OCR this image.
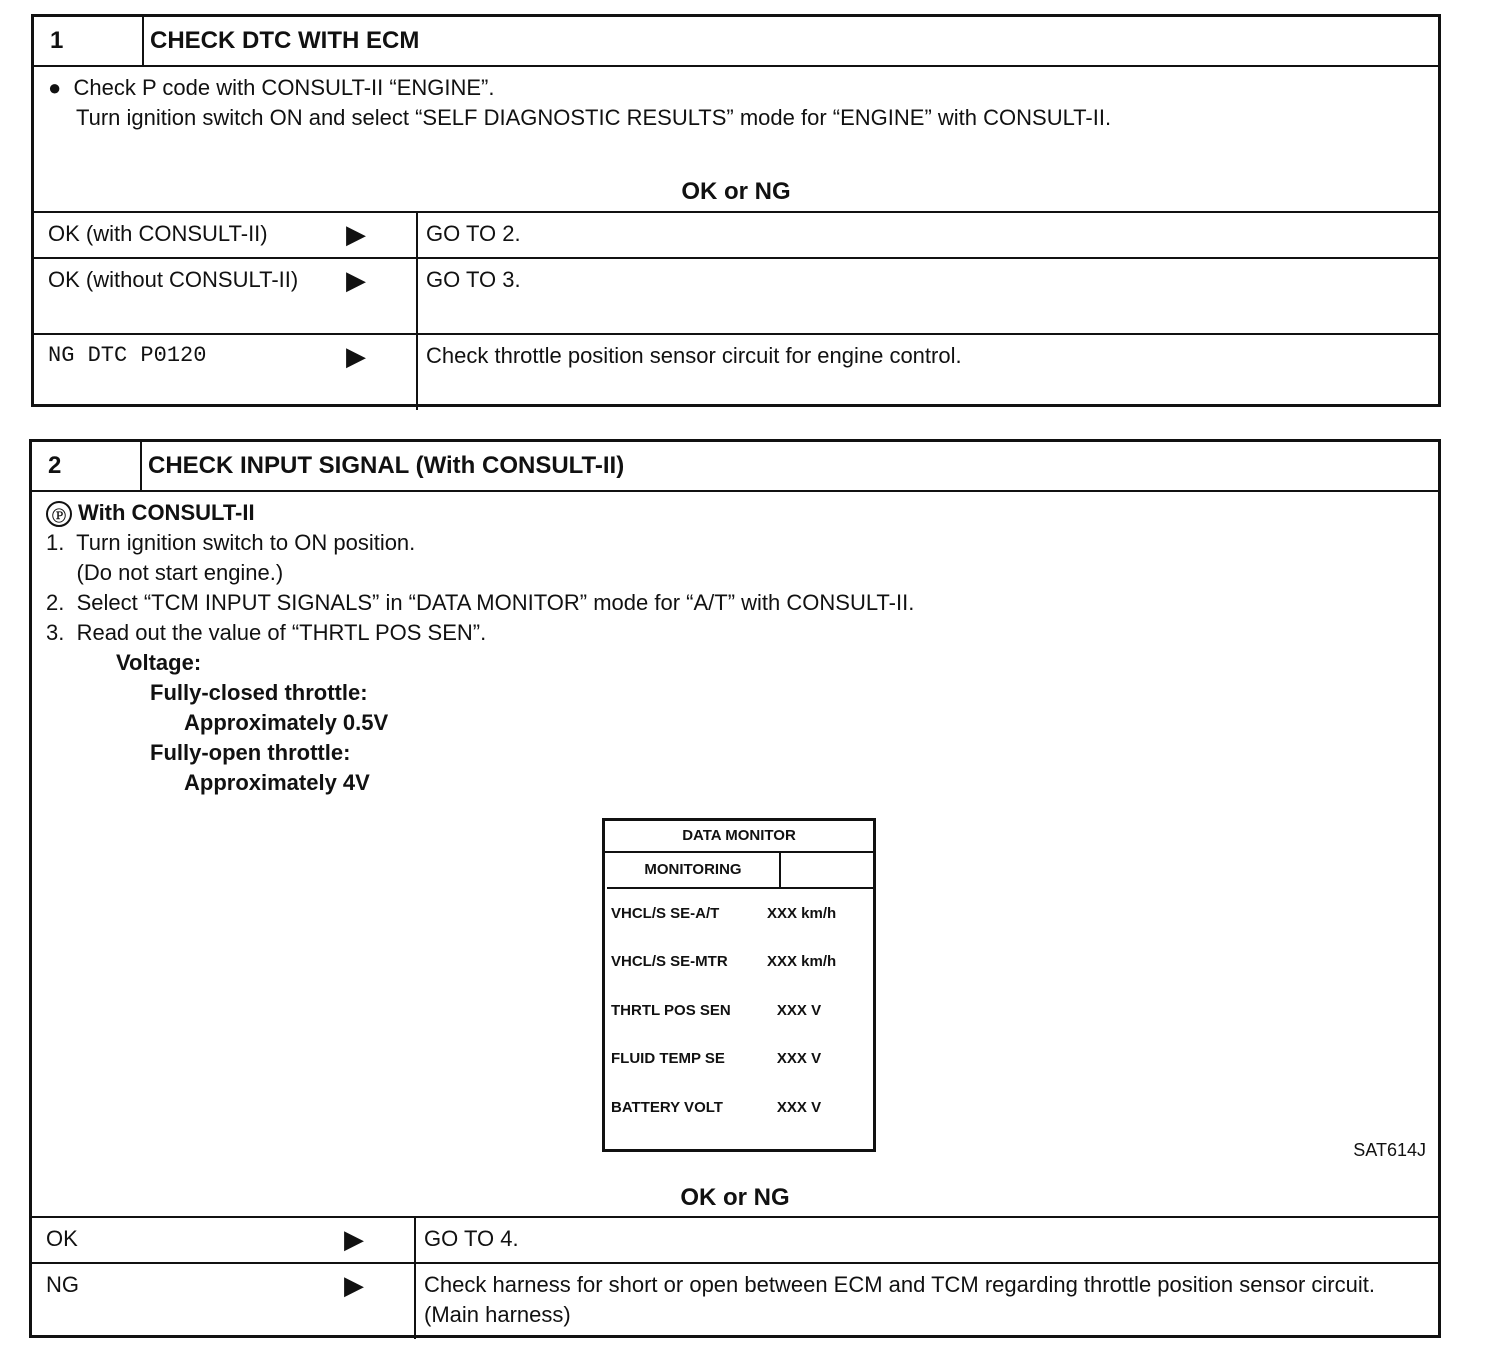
1	CHECK DTC WITH ECM
●  Check P code with CONSULT-II “ENGINE”.
Turn ignition switch ON and select “SELF DIAGNOSTIC RESULTS” mode for “ENGINE” with CONSULT-II.
OK or NG
OK (with CONSULT-II)	▶	GO TO 2.
OK (without CONSULT-II)	▶	GO TO 3.
NG DTC P0120	▶	Check throttle position sensor circuit for engine control.
2	CHECK INPUT SIGNAL (With CONSULT-II)
Ⓟ With CONSULT-II
1.  Turn ignition switch to ON position.
(Do not start engine.)
2.  Select “TCM INPUT SIGNALS” in “DATA MONITOR” mode for “A/T” with CONSULT-II.
3.  Read out the value of “THRTL POS SEN”.
Voltage:
Fully-closed throttle:
Approximately 0.5V
Fully-open throttle:
Approximately 4V
DATA MONITOR
MONITORING
VHCL/S SE-A/T	XXX km/h
VHCL/S SE-MTR	XXX km/h
THRTL POS SEN	XXX V
FLUID TEMP SE	XXX V
BATTERY VOLT	XXX V
SAT614J
OK or NG
OK	▶	GO TO 4.
NG	▶	Check harness for short or open between ECM and TCM regarding throttle position sensor circuit. (Main harness)
